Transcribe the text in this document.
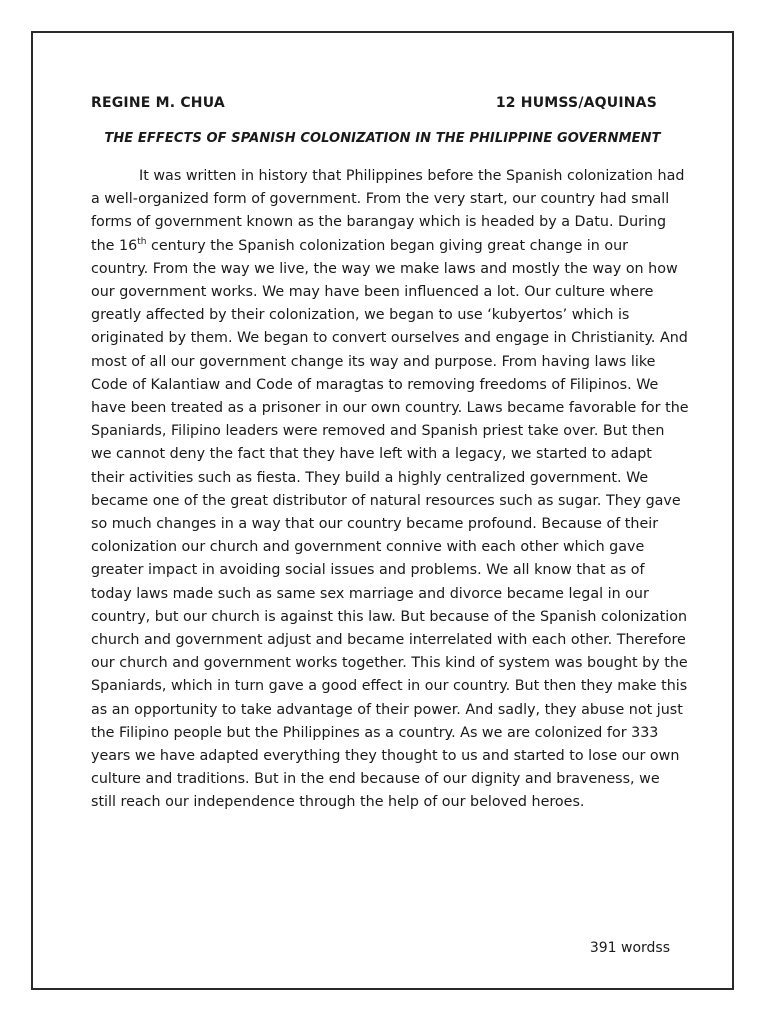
REGINE M. CHUA	12 HUMSS/AQUINAS
THE EFFECTS OF SPANISH COLONIZATION IN THE PHILIPPINE GOVERNMENT

It was written in history that Philippines before the Spanish colonization had a well-organized form of government. From the very start, our country had small forms of government known as the barangay which is headed by a Datu. During the 16th century the Spanish colonization began giving great change in our country. From the way we live, the way we make laws and mostly the way on how our government works. We may have been influenced a lot. Our culture where greatly affected by their colonization, we began to use ‘kubyertos’ which is originated by them. We began to convert ourselves and engage in Christianity. And most of all our government change its way and purpose. From having laws like Code of Kalantiaw and Code of maragtas to removing freedoms of Filipinos. We have been treated as a prisoner in our own country. Laws became favorable for the Spaniards, Filipino leaders were removed and Spanish priest take over. But then we cannot deny the fact that they have left with a legacy, we started to adapt their activities such as fiesta. They build a highly centralized government. We became one of the great distributor of natural resources such as sugar. They gave so much changes in a way that our country became profound. Because of their colonization our church and government connive with each other which gave greater impact in avoiding social issues and problems. We all know that as of today laws made such as same sex marriage and divorce became legal in our country, but our church is against this law. But because of the Spanish colonization church and government adjust and became interrelated with each other. Therefore our church and government works together. This kind of system was bought by the Spaniards, which in turn gave a good effect in our country. But then they make this as an opportunity to take advantage of their power. And sadly, they abuse not just the Filipino people but the Philippines as a country. As we are colonized for 333 years we have adapted everything they thought to us and started to lose our own culture and traditions. But in the end because of our dignity and braveness, we still reach our independence through the help of our beloved heroes.

391 wordss
